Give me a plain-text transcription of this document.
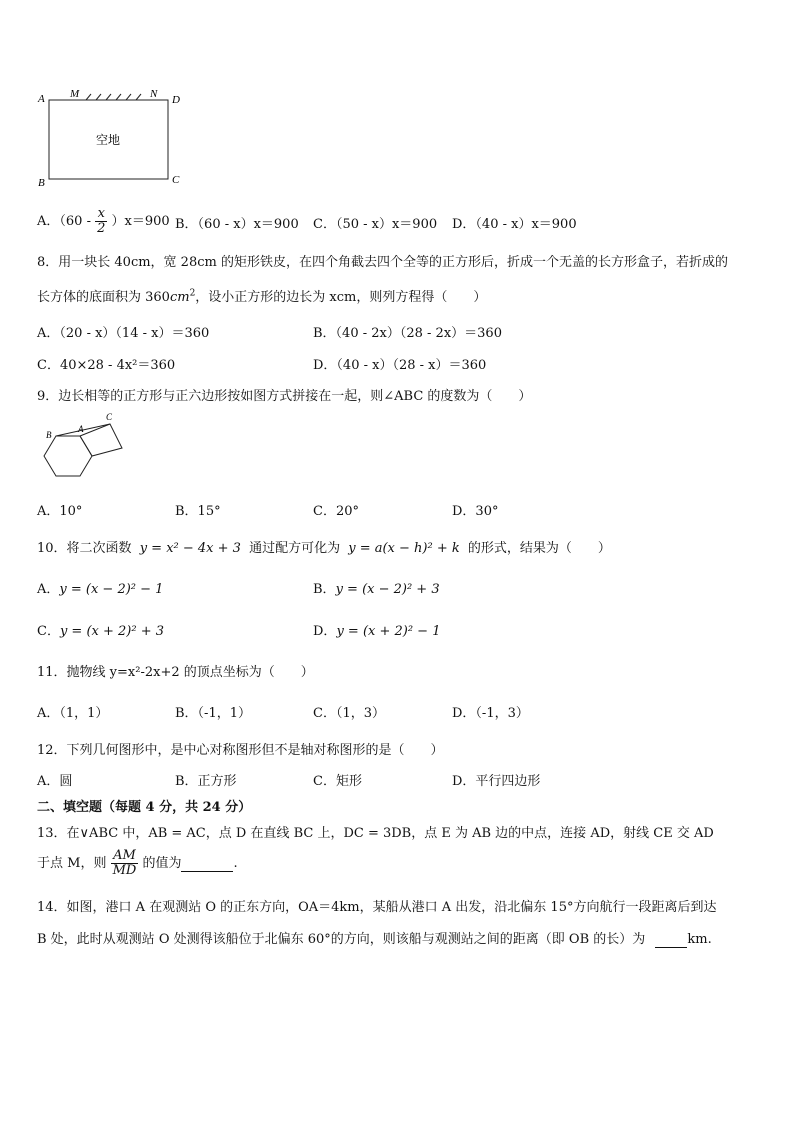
A M	N D
B	C
空地
A．$(60 - \frac{x}{2} )x=900$ B．（60 - x）x＝900 C．（50 - x）x＝900 D．（40 - x）x＝900
8．用一块长 40cm，宽 28cm 的矩形铁皮，在四个角截去四个全等的正方形后，折成一个无盖的长方形盒子，若折成的
长方体的底面积为 $360cm^2$，设小正方形的边长为 xcm，则列方程得（　　）
A．（20 - x）（14 - x）＝360	B．（40 - 2x）（28 - 2x）＝360
C．40×28 - 4x²＝360	D．（40 - x）（28 - x）＝360
9．边长相等的正方形与正六边形按如图方式拼接在一起，则∠ABC 的度数为（　　）
B
A
C
A．10°	B．15°	C．20°	D．30°
10．将二次函数 y = x² − 4x + 3 通过配方可化为 y = a(x − h)² + k 的形式，结果为（　　）
A．y = (x − 2)² − 1	B．y = (x − 2)² + 3
C．y = (x + 2)² + 3	D．y = (x + 2)² − 1
11．抛物线 y=x²-2x+2 的顶点坐标为（　　）
A．（1，1）	B．（-1，1）	C．（1，3）	D．（-1，3）
12．下列几何图形中，是中心对称图形但不是轴对称图形的是（　　）
A．圆	B．正方形	C．矩形	D．平行四边形
二、填空题（每题 4 分，共 24 分）
13．在∨ABC 中，AB = AC，点 D 在直线 BC 上，DC = 3DB，点 E 为 AB 边的中点，连接 AD，射线 CE 交 AD
于点 M，则 $\frac{AM}{MD}$ 的值为	.
14．如图，港口 A 在观测站 O 的正东方向，OA＝4km，某船从港口 A 出发，沿北偏东 15°方向航行一段距离后到达
B 处，此时从观测站 O 处测得该船位于北偏东 60°的方向，则该船与观测站之间的距离（即 OB 的长）为	km.
